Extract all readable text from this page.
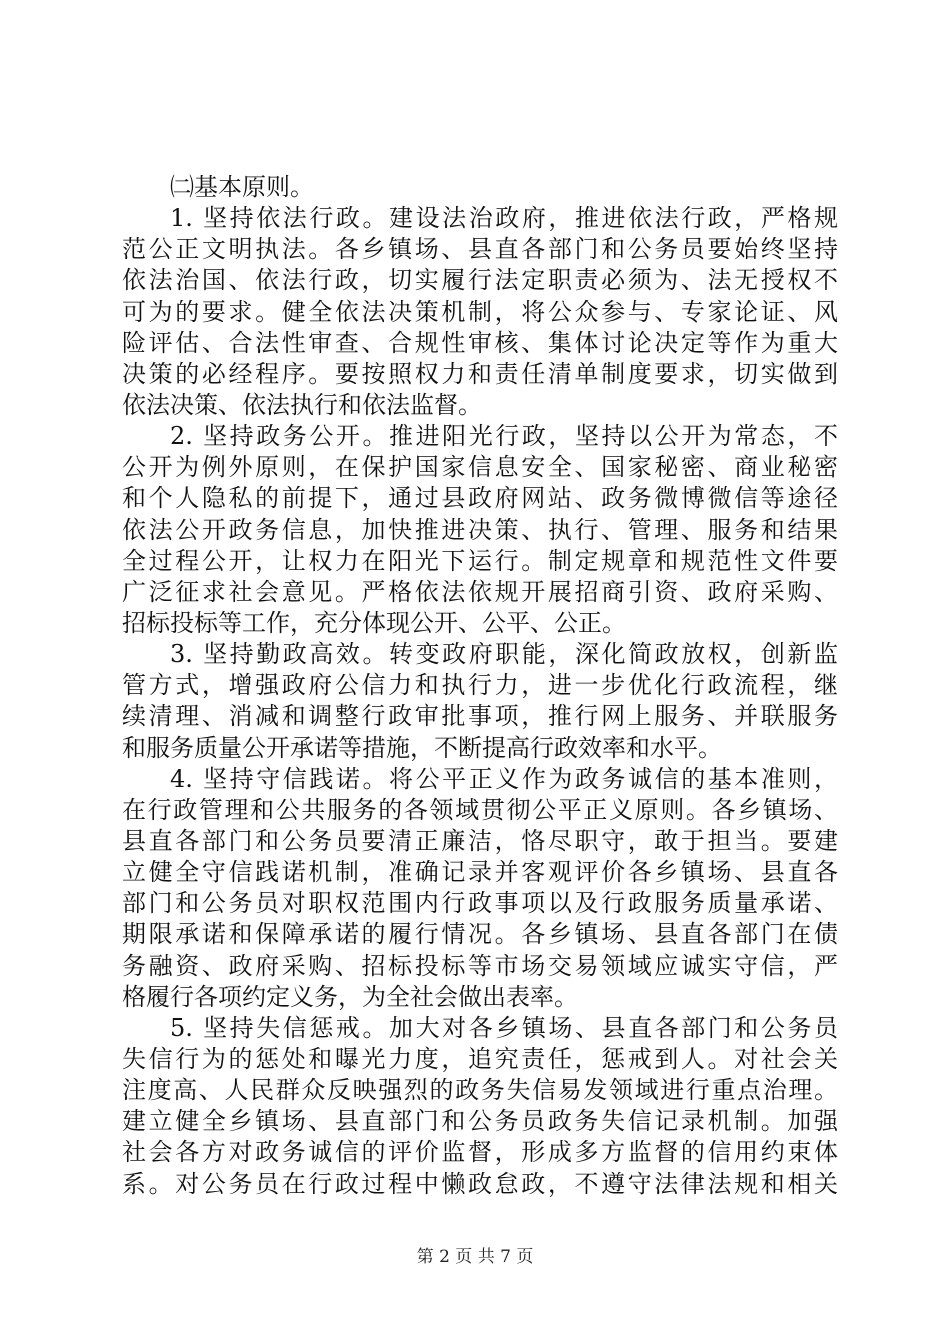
㈡基本原则。
1. 坚持依法行政。建设法治政府，推进依法行政，严格规
范公正文明执法。各乡镇场、县直各部门和公务员要始终坚持
依法治国、依法行政，切实履行法定职责必须为、法无授权不
可为的要求。健全依法决策机制，将公众参与、专家论证、风
险评估、合法性审查、合规性审核、集体讨论决定等作为重大
决策的必经程序。要按照权力和责任清单制度要求，切实做到
依法决策、依法执行和依法监督。
2. 坚持政务公开。推进阳光行政，坚持以公开为常态，不
公开为例外原则，在保护国家信息安全、国家秘密、商业秘密
和个人隐私的前提下，通过县政府网站、政务微博微信等途径
依法公开政务信息，加快推进决策、执行、管理、服务和结果
全过程公开，让权力在阳光下运行。制定规章和规范性文件要
广泛征求社会意见。严格依法依规开展招商引资、政府采购、
招标投标等工作，充分体现公开、公平、公正。
3. 坚持勤政高效。转变政府职能，深化简政放权，创新监
管方式，增强政府公信力和执行力，进一步优化行政流程，继
续清理、消减和调整行政审批事项，推行网上服务、并联服务
和服务质量公开承诺等措施，不断提高行政效率和水平。
4. 坚持守信践诺。将公平正义作为政务诚信的基本准则，
在行政管理和公共服务的各领域贯彻公平正义原则。各乡镇场、
县直各部门和公务员要清正廉洁，恪尽职守，敢于担当。要建
立健全守信践诺机制，准确记录并客观评价各乡镇场、县直各
部门和公务员对职权范围内行政事项以及行政服务质量承诺、
期限承诺和保障承诺的履行情况。各乡镇场、县直各部门在债
务融资、政府采购、招标投标等市场交易领域应诚实守信，严
格履行各项约定义务，为全社会做出表率。
5. 坚持失信惩戒。加大对各乡镇场、县直各部门和公务员
失信行为的惩处和曝光力度，追究责任，惩戒到人。对社会关
注度高、人民群众反映强烈的政务失信易发领域进行重点治理。
建立健全乡镇场、县直部门和公务员政务失信记录机制。加强
社会各方对政务诚信的评价监督，形成多方监督的信用约束体
系。对公务员在行政过程中懒政怠政，不遵守法律法规和相关
第 2 页 共 7 页
